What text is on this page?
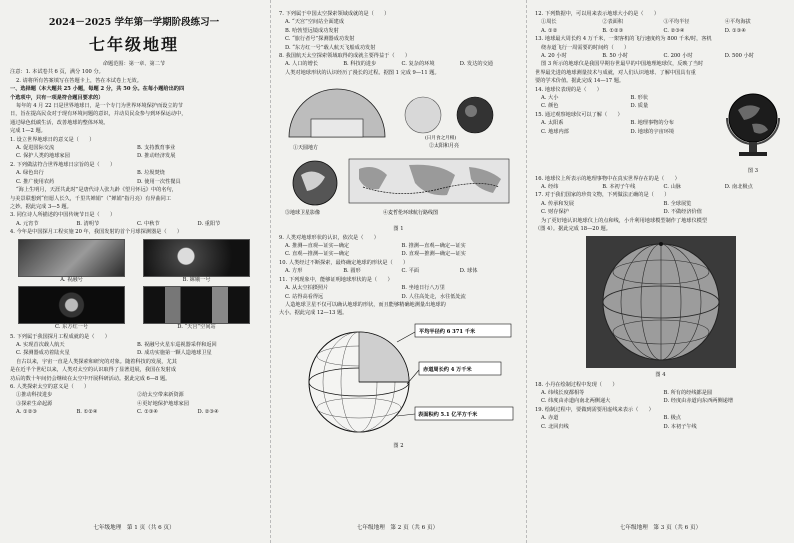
2024－2025 学年第一学期阶段练习一
七年级地理

命题范围：第一章、第二节

注意：1. 本试卷共 6 页，满分 100 分。

2. 请将所有答案填写在答题卡上，答在本试卷上无效。

一、选择题（本大题共 25 小题，每题 2 分，共 50 分。在每小题给出的四

个选项中，只有一项是符合题目要求的）

每年的 4 月 22 日是世界地球日，是一个专门为世界环境保护而设立的节

日，旨在提高民众对于现有环境问题的意识，并动员民众参与到环保运动中，

通过绿色低碳生活，改善地球的整体环境。

完成 1—2 题。

1. 设立世界地球日的意义是（　　）

A. 促进国际交流	B. 支持教育事业
C. 保护人类的地球家园	D. 推动经济发展

2. 下列做法符合世界地球日宗旨的是（　　）

A. 绿色出行	B. 垃圾焚烧
C. 推广使用农药	D. 使用一次性餐具

“海上生明月，天涯共此时”是唐代诗人张九龄《望月怀远》中的名句，

与美景联想到“但愿人长久，千里共婵娟”（“婵娟”指月亮）有异曲同工

之妙。据此完成 3—5 题。

3. 同位诗人所描述的中国传统节日是（　　）

A. 元宵节	B. 清明节	C. 中秋节	D. 重阳节

4. 今年是中国探月工程实施 20 年，我国发射的首个月球探测器是（　　）

A. 祝融号	B. 嫦娥一号
C. 东方红一号	D. “天宫”空间站

5. 下列属于我国探月工程成就的是（　　）

A. 实现首次载人航天	B. 祝融号火星车巡视器采样和返回
C. 探测器成功着陆火星	D. 成功实施第一颗人造地球卫星

自古以来，宇宙一直是人类探索和研究的对象。随着科技的发展，尤其

是在近半个世纪以来，人类对太空的认识取得了显著进展，我国在发射成

功后的数十年间仍会继续在太空中开展科研活动。据此完成 6—8 题。

6. 人类探索太空的意义是（　　）

①推动科技进步	②给太空带来新资源
③探索生命起源	④更好地保护地球家园
A. ①②③	B. ①②④	C. ①③④	D. ②③④
七年级地理　第 1 页（共 6 页）

7. 下列属于中国太空探索领域成就的是（　　）

A. “天宫”空间站全面建成

B. 哈勃望远镜成功发射

C. “旅行者号”探测器成功发射

D. “东方红一号”载人航天飞船成功发射

8. 我国航天太空探索领域取得的成就主要得益于（　　）

A. 人口的增长	B. 科技的进步	C. 复杂的环境	D. 发达的交通

人类对地球形状的认识经历了漫长的过程。据图 1 完成 9—11 题。

①天圆地方
(日月食之月相)
②太阳和月亮
③地球卫星影像	④麦哲伦环球航行路线图
图 1

9. 人类对地球形状的认识，依次是（　　）

A. 推测—直观—证实—确定	B. 推测—直观—确定—证实
C. 直观—推测—证实—确定	D. 直观—推测—确定—证实

10. 人类经过不断探索，最终确定地球的形状是（　　）

A. 方形	B. 圆形	C. 平面	D. 球体

11. 下列现象中，能够证明地球形状的是（　　）

A. 从太空拍摄照片	B. 坐地日行八万里
C. 站得高看得远	D. 人往高处走，水往低处流

人造地球卫星不仅可以确认地球的形状，而且能够精确地测量出地球的

大小。据此完成 12—13 题。

平均半径约 6 371 千米
赤道周长约 4 万千米
表面积约 5.1 亿平方千米
图 2
七年级地理　第 2 页（共 6 页）

12. 下列数据中，可以用来表示地球大小的是（　　）

①周长	②表面积	③平均半径	④平均海拔
A. ①②	B. ①②③	C. ②③④	D. ①③④

13. 地球最大周长约 4 万千米，一架客机的飞行速度约为 800 千米/时，客机

绕赤道飞行一周需要的时间约（　　）

A. 20 小时	B. 50 小时	C. 200 小时	D. 500 小时

图 3 所示的地球仪是我国早期存世最早的中国地理地球仪，反映了当时

世界最先进的地球测量技术与成就，对人们认识地球、了解中国具有重

要的学术价值。据此完成 14—17 题。

14. 地球仪表现的是（　　）

A. 大小	B. 形状
C. 颜色	D. 质量

15. 通过观察地球仪可以了解（　　）

A. 太阳系	B. 地理事物的分布
C. 地球内部	D. 地球的宇宙环境
图 3

16. 地球仪上所表示的地理事物中在真实世界存在的是（　　）

A. 经纬	B. 本初子午线	C. 山脉	D. 南北极点

17. 对于我们国家的珍贵文物，下列做法正确的是（　　）

A. 传承和发展	B. 全球展览
C. 财存保护	D. 不做经济价值

为了更好地认识地球仪上的点和线，小升利用地球模型制作了地球仪模型

（图 4）。据此完成 18—20 题。

图 4

18. 小丹在绘制过程中发现（　　）

A. 纬线长度都相等	B. 所有的经线都是圆
C. 纬度由赤道向南北两侧递大	D. 经度由赤道向东西两侧递增

19. 绘制过程中，要做到需要用虚线来表示（　　）

A. 赤道	B. 极点
C. 北回归线	D. 本初子午线
七年级地理　第 3 页（共 6 页）
